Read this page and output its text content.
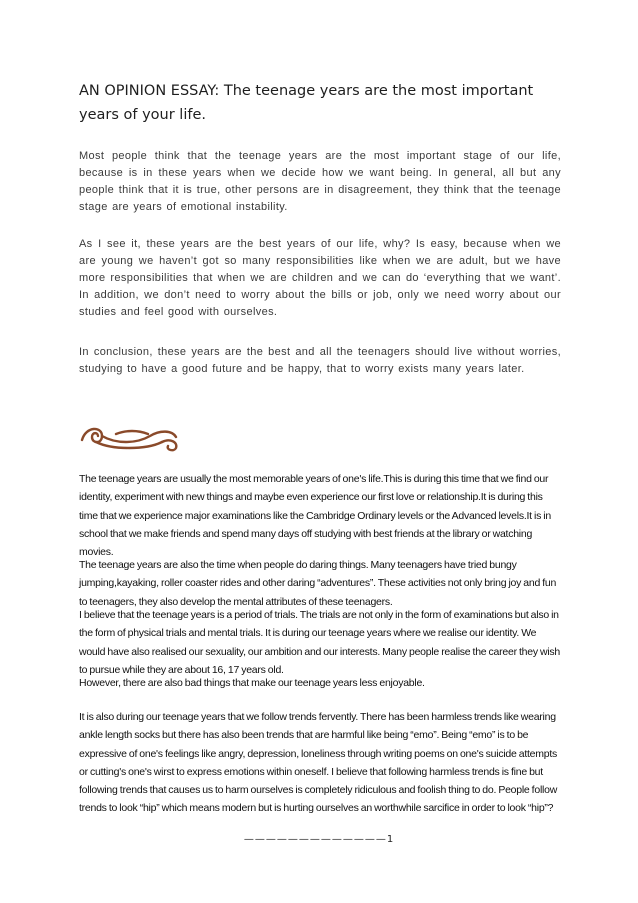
AN OPINION ESSAY: The teenage years are the most important years of your life.
Most people think that the teenage years are the most important stage of our life, because is in these years when we decide how we want being. In general, all but any people think that it is true, other persons are in disagreement, they think that the teenage stage are years of emotional instability.
As I see it, these years are the best years of our life, why? Is easy, because when we are young we haven’t got so many responsibilities like when we are adult, but we have more responsibilities that when we are children and we can do ‘everything that we want’. In addition, we don’t need to worry about the bills or job, only we need worry about our studies and feel good with ourselves.
In conclusion, these years are the best and all the teenagers should live without worries, studying to have a good future and be happy, that to worry exists many years later.
The teenage years are usually the most memorable years of one's life.This is during this time that we find our identity, experiment with new things and maybe even experience our first love or relationship.It is during this time that we experience major examinations like the Cambridge Ordinary levels or the Advanced levels.It is in school that we make friends and spend many days off studying with best friends at the library or watching movies.
The teenage years are also the time when people do daring things. Many teenagers have tried bungy jumping,kayaking, roller coaster rides and other daring “adventures”. These activities not only bring joy and fun to teenagers, they also develop the mental attributes of these teenagers.
I believe that the teenage years is a period of trials. The trials are not only in the form of examinations but also in the form of physical trials and mental trials. It is during our teenage years where we realise our identity. We would have also realised our sexuality, our ambition and our interests. Many people realise the career they wish to pursue while they are about 16, 17 years old.
However, there are also bad things that make our teenage years less enjoyable.
It is also during our teenage years that we follow trends fervently. There has been harmless trends like wearing ankle length socks but there has also been trends that are harmful like being “emo”. Being “emo” is to be expressive of one's feelings like angry, depression, loneliness through writing poems on one's suicide attempts or cutting's one's wirst to express emotions within oneself. I believe that following harmless trends is fine but following trends that causes us to harm ourselves is completely ridiculous and foolish thing to do. People follow trends to look “hip” which means modern but is hurting ourselves an worthwhile sarcifice in order to look “hip”?
—————————————1
